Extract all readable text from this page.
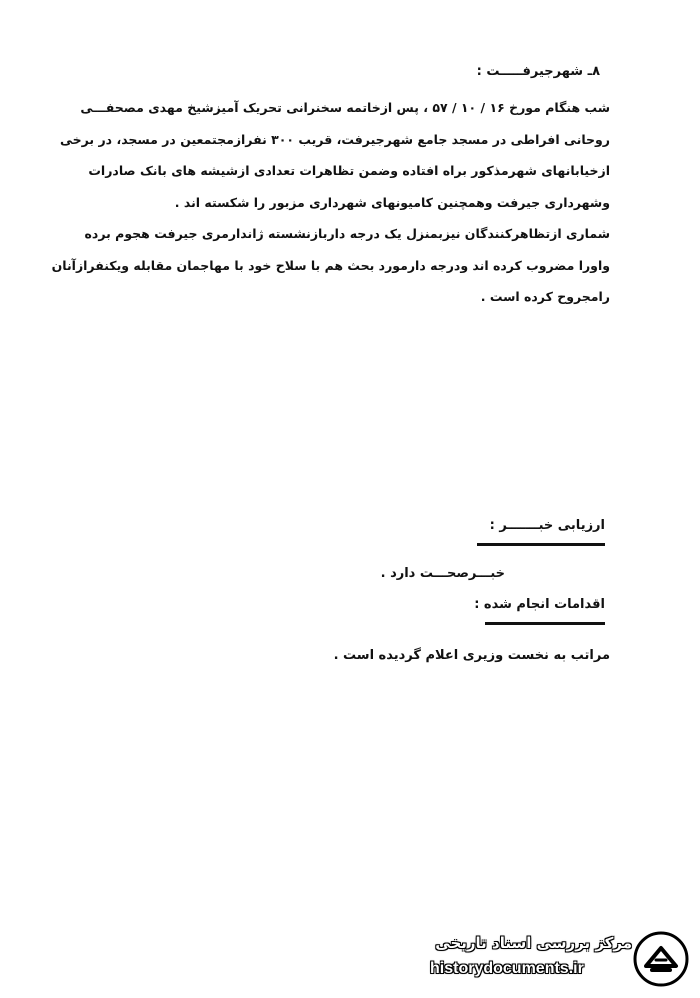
۸ـ شهرجیرفـــــت :
شب هنگام مورخ ۱۶ / ۱۰ / ۵۷ ، پس ازخاتمه سخنرانی تحریک آمیزشیخ مهدی مصحفـــی
روحانی افراطی در مسجد جامع شهرجیرفت، قریب ۳۰۰ نفرازمجتمعین در مسجد، در برخی
ازخیابانهای شهرمذکور براه افتاده وضمن تظاهرات تعدادی ازشیشه های بانک صادرات
وشهرداری جیرفت وهمچنین کامیونهای شهرداری مزبور را شکسته اند .
شماری ازتظاهرکنندگان نیزبمنزل یک درجه داربازنشسته ژاندارمری جیرفت هجوم برده
واورا مضروب کرده اند ودرجه دارمورد بحث هم با سلاح خود با مهاجمان مقابله ویکنفرازآنان
رامجروح کرده است .
ارزیابی خبـــــــر :
خبـــرصحـــت دارد .
اقدامات انجام شده :
مراتب به نخست وزیری اعلام گردیده است .
مرکز بررسی اسناد تاریخی
historydocuments.ir
